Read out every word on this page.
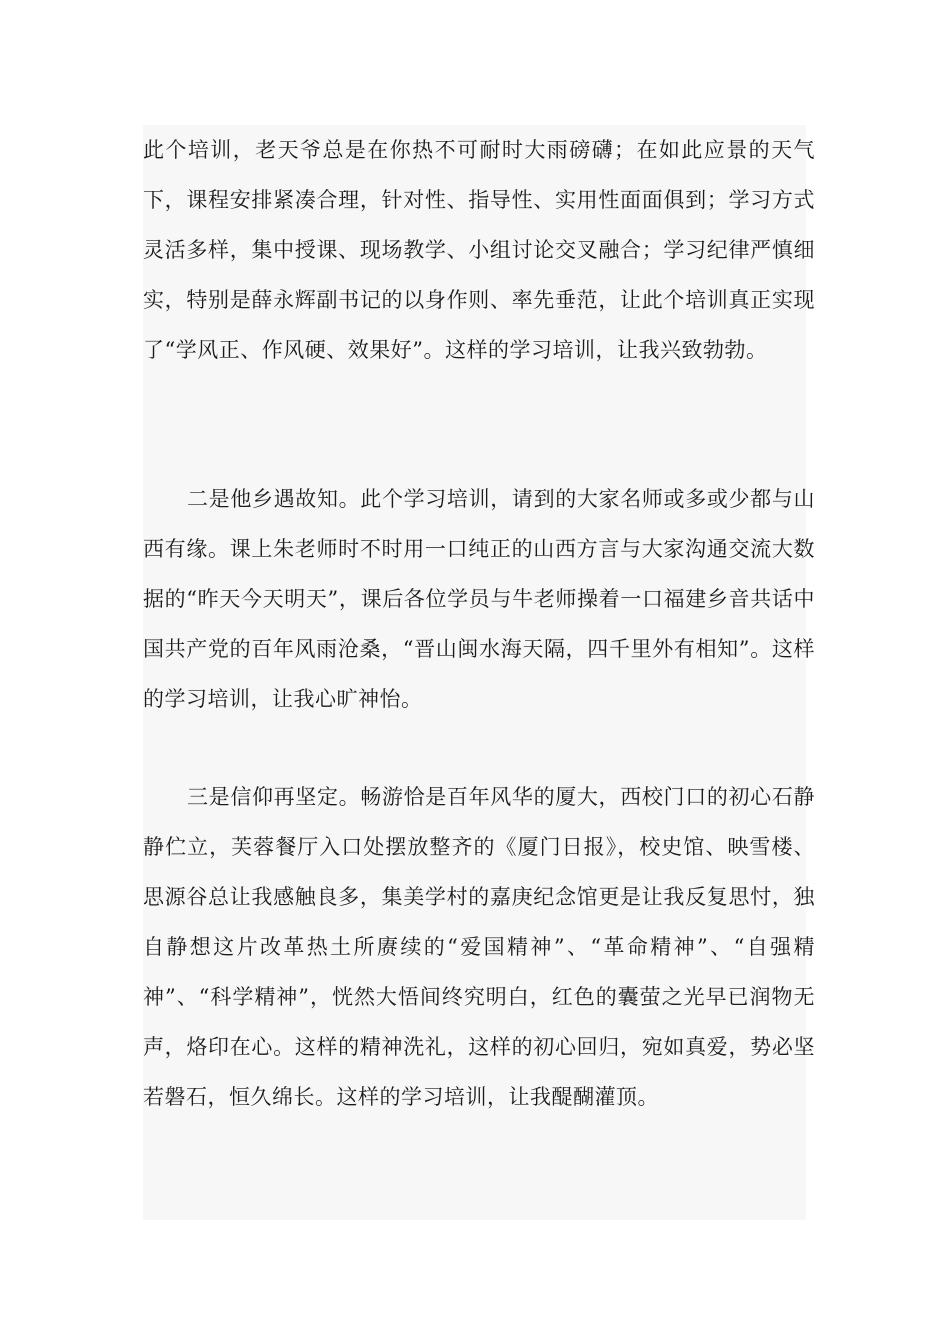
此个培训，老天爷总是在你热不可耐时大雨磅礴；在如此应景的天气下，课程安排紧凑合理，针对性、指导性、实用性面面俱到；学习方式灵活多样，集中授课、现场教学、小组讨论交叉融合；学习纪律严慎细实，特别是薛永辉副书记的以身作则、率先垂范，让此个培训真正实现了“学风正、作风硬、效果好”。这样的学习培训，让我兴致勃勃。

二是他乡遇故知。此个学习培训，请到的大家名师或多或少都与山西有缘。课上朱老师时不时用一口纯正的山西方言与大家沟通交流大数据的“昨天今天明天”，课后各位学员与牛老师操着一口福建乡音共话中国共产党的百年风雨沧桑，“晋山闽水海天隔，四千里外有相知”。这样的学习培训，让我心旷神怡。

三是信仰再坚定。畅游恰是百年风华的厦大，西校门口的初心石静静伫立，芙蓉餐厅入口处摆放整齐的《厦门日报》，校史馆、映雪楼、思源谷总让我感触良多，集美学村的嘉庚纪念馆更是让我反复思忖，独自静想这片改革热土所赓续的“爱国精神”、“革命精神”、“自强精神”、“科学精神”，恍然大悟间终究明白，红色的囊萤之光早已润物无声，烙印在心。这样的精神洗礼，这样的初心回归，宛如真爱，势必坚若磐石，恒久绵长。这样的学习培训，让我醍醐灌顶。
